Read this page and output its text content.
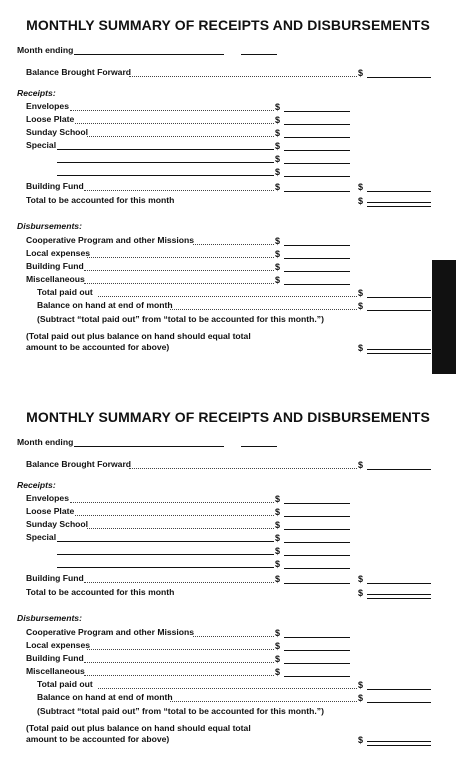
MONTHLY SUMMARY OF RECEIPTS AND DISBURSEMENTS
Month ending
Balance Brought Forward	$
Receipts:
Envelopes	$
Loose Plate	$
Sunday School	$
Special	$
$
$
Building Fund	$	$
Total to be accounted for this month	$
Disbursements:
Cooperative Program and other Missions	$
Local expenses	$
Building Fund	$
Miscellaneous	$
Total paid out	$
Balance on hand at end of month	$
(Subtract “total paid out” from “total to be accounted for this month.”)
(Total paid out plus balance on hand should equal total
amount to be accounted for above)	$
MONTHLY SUMMARY OF RECEIPTS AND DISBURSEMENTS
Month ending
Balance Brought Forward	$
Receipts:
Envelopes	$
Loose Plate	$
Sunday School	$
Special	$
$
$
Building Fund	$	$
Total to be accounted for this month	$
Disbursements:
Cooperative Program and other Missions	$
Local expenses	$
Building Fund	$
Miscellaneous	$
Total paid out	$
Balance on hand at end of month	$
(Subtract “total paid out” from “total to be accounted for this month.”)
(Total paid out plus balance on hand should equal total
amount to be accounted for above)	$
